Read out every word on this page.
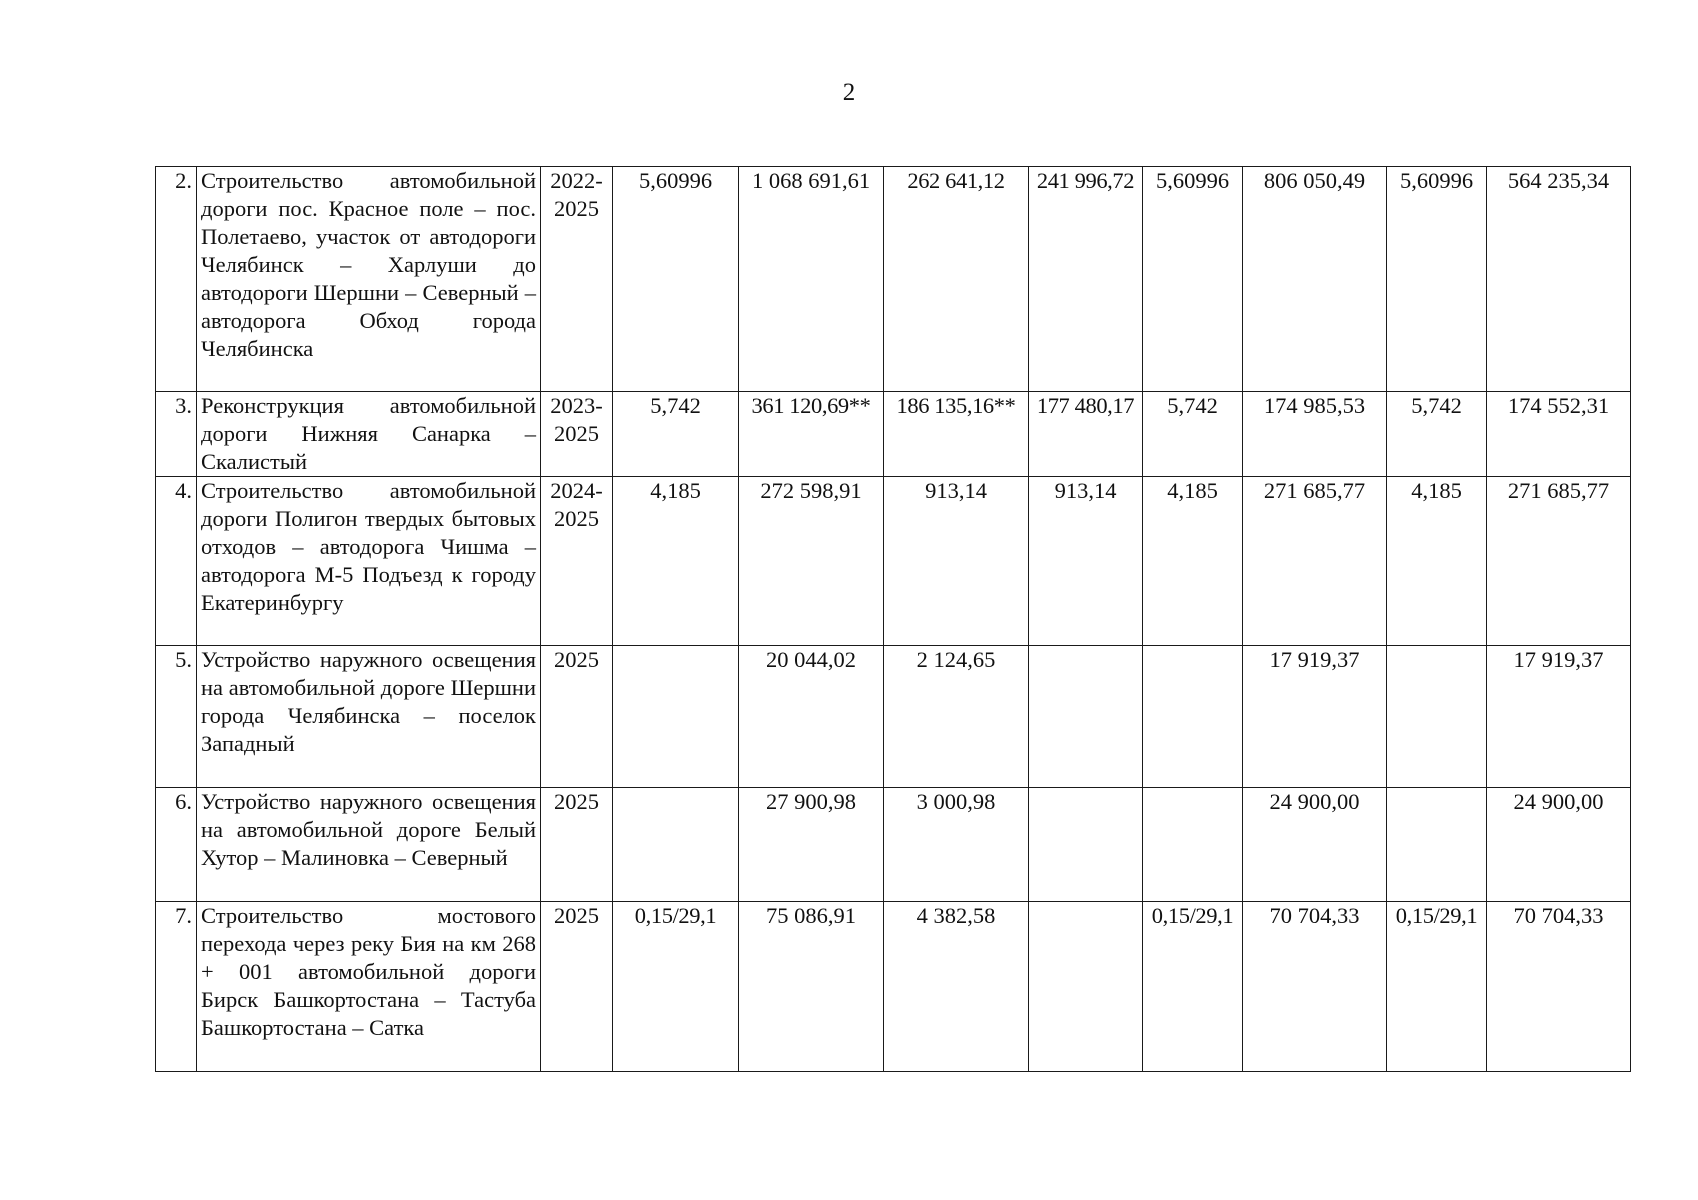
2
2.	Строительство автомобильной дороги пос. Красное поле – пос. Полетаево, участок от автодороги Челябинск – Харлуши до автодороги Шершни – Северный – автодорога Обход города Челябинска	2022-2025	5,60996	1 068 691,61	262 641,12	241 996,72	5,60996	806 050,49	5,60996	564 235,34
3.	Реконструкция автомобильной дороги Нижняя Санарка – Скалистый	2023-2025	5,742	361 120,69**	186 135,16**	177 480,17	5,742	174 985,53	5,742	174 552,31
4.	Строительство автомобильной дороги Полигон твердых бытовых отходов – автодорога Чишма – автодорога М-5 Подъезд к городу Екатеринбургу	2024-2025	4,185	272 598,91	913,14	913,14	4,185	271 685,77	4,185	271 685,77
5.	Устройство наружного освещения на автомобильной дороге Шершни города Челябинска – поселок Западный	2025		20 044,02	2 124,65			17 919,37		17 919,37
6.	Устройство наружного освещения на автомобильной дороге Белый Хутор – Малиновка – Северный	2025		27 900,98	3 000,98			24 900,00		24 900,00
7.	Строительство мостового перехода через реку Бия на км 268 + 001 автомобильной дороги Бирск Башкортостана – Тастуба Башкортостана – Сатка	2025	0,15/29,1	75 086,91	4 382,58		0,15/29,1	70 704,33	0,15/29,1	70 704,33
